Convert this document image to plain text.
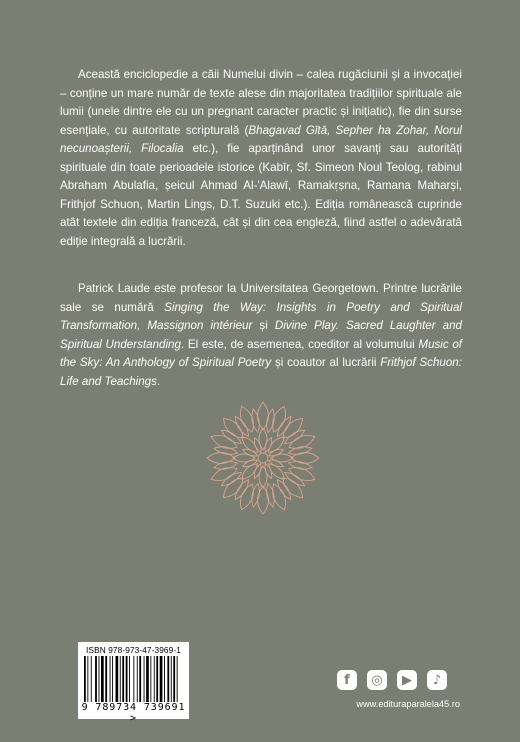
Această enciclopedie a căii Numelui divin – calea rugăciunii și a invocației – conține un mare număr de texte alese din majoritatea tradițiilor spirituale ale lumii (unele dintre ele cu un pregnant caracter practic și inițiatic), fie din surse esențiale, cu autoritate scripturală (Bhagavad Gītā, Sepher ha Zohar, Norul necunoașterii, Filocalia etc.), fie aparținând unor savanți sau autorități spirituale din toate perioadele istorice (Kabīr, Sf. Simeon Noul Teolog, rabinul Abraham Abulafia, șeicul Ahmad Al-'Alawī, Ramakṛṣna, Ramana Maharși, Frithjof Schuon, Martin Lings, D.T. Suzuki etc.). Ediția românească cuprinde atât textele din ediția franceză, cât și din cea engleză, fiind astfel o adevărată ediție integrală a lucrării.
Patrick Laude este profesor la Universitatea Georgetown. Printre lucrările sale se numără Singing the Way: Insights in Poetry and Spiritual Transformation, Massignon intérieur și Divine Play. Sacred Laughter and Spiritual Understanding. El este, de asemenea, coeditor al volumului Music of the Sky: An Anthology of Spiritual Poetry și coautor al lucrării Frithjof Schuon: Life and Teachings.
ISBN 978-973-47-3969-1
9 789734 739691 >
f	◎	▶	♪
www.edituraparalela45.ro
